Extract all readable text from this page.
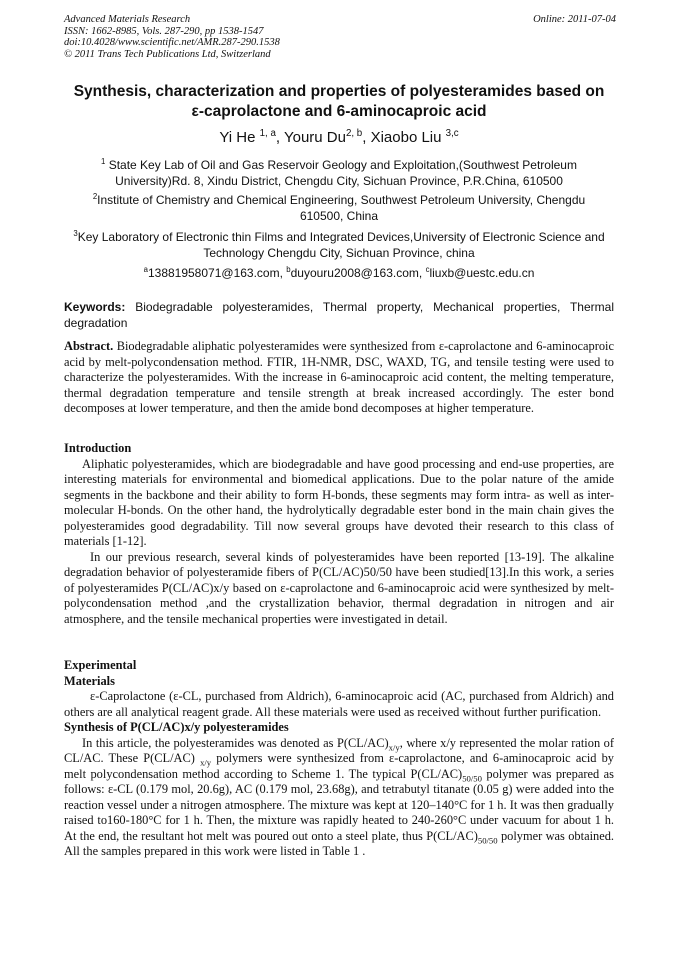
Advanced Materials Research
ISSN: 1662-8985, Vols. 287-290, pp 1538-1547
doi:10.4028/www.scientific.net/AMR.287-290.1538
© 2011 Trans Tech Publications Ltd, Switzerland
Online: 2011-07-04
Synthesis, characterization and properties of polyesteramides based on
ε-caprolactone and 6-aminocaproic acid
Yi He $^{1, a}$, Youru Du$^{2, b}$, Xiaobo Liu $^{3,c}$
$^1$ State Key Lab of Oil and Gas Reservoir Geology and Exploitation,(Southwest Petroleum
University)Rd. 8, Xindu District, Chengdu City, Sichuan Province, P.R.China, 610500
$^2$Institute of Chemistry and Chemical Engineering, Southwest Petroleum University, Chengdu
610500, China
$^3$Key Laboratory of Electronic thin Films and Integrated Devices,University of Electronic Science and
Technology Chengdu City, Sichuan Province, china
$^a$13881958071@163.com, $^b$duyouru2008@163.com, $^c$liuxb@uestc.edu.cn
Keywords: Biodegradable polyesteramides, Thermal property, Mechanical properties, Thermal degradation

Abstract. Biodegradable aliphatic polyesteramides were synthesized from ε-caprolactone and 6-aminocaproic acid by melt-polycondensation method. FTIR, 1H-NMR, DSC, WAXD, TG, and tensile testing were used to characterize the polyesteramides. With the increase in 6-aminocaproic acid content, the melting temperature, thermal degradation temperature and tensile strength at break increased accordingly. The ester bond decomposes at lower temperature, and then the amide bond decomposes at higher temperature.

Introduction

Aliphatic polyesteramides, which are biodegradable and have good processing and end-use properties, are interesting materials for environmental and biomedical applications. Due to the polar nature of the amide segments in the backbone and their ability to form H-bonds, these segments may form intra- as well as inter-molecular H-bonds. On the other hand, the hydrolytically degradable ester bond in the main chain gives the polyesteramides good degradability. Till now several groups have devoted their research to this class of materials [1-12].

In our previous research, several kinds of polyesteramides have been reported [13-19]. The alkaline degradation behavior of polyesteramide fibers of P(CL/AC)50/50 have been studied[13].In this work, a series of polyesteramides P(CL/AC)x/y based on ε-caprolactone and 6-aminocaproic acid were synthesized by melt-polycondensation method ,and the crystallization behavior, thermal degradation in nitrogen and air atmosphere, and the tensile mechanical properties were investigated in detail.

Experimental

Materials

ε-Caprolactone (ε-CL, purchased from Aldrich), 6-aminocaproic acid (AC, purchased from Aldrich) and others are all analytical reagent grade. All these materials were used as received without further purification.

Synthesis of P(CL/AC)x/y polyesteramides

In this article, the polyesteramides was denoted as $P(CL/AC)_{x/y}$, where x/y represented the molar ration of CL/AC. These P(CL/AC) $_{x/y}$ polymers were synthesized from ε-caprolactone, and 6-aminocaproic acid by melt polycondensation method according to Scheme 1. The typical $P(CL/AC)_{50/50}$ polymer was prepared as follows: ε-CL (0.179 mol, 20.6g), AC (0.179 mol, 23.68g), and tetrabutyl titanate (0.05 g) were added into the reaction vessel under a nitrogen atmosphere. The mixture was kept at 120–140°C for 1 h. It was then gradually raised to160-180°C for 1 h. Then, the mixture was rapidly heated to 240-260°C under vacuum for about 1 h. At the end, the resultant hot melt was poured out onto a steel plate, thus $P(CL/AC)_{50/50}$ polymer was obtained. All the samples prepared in this work were listed in Table 1 .
